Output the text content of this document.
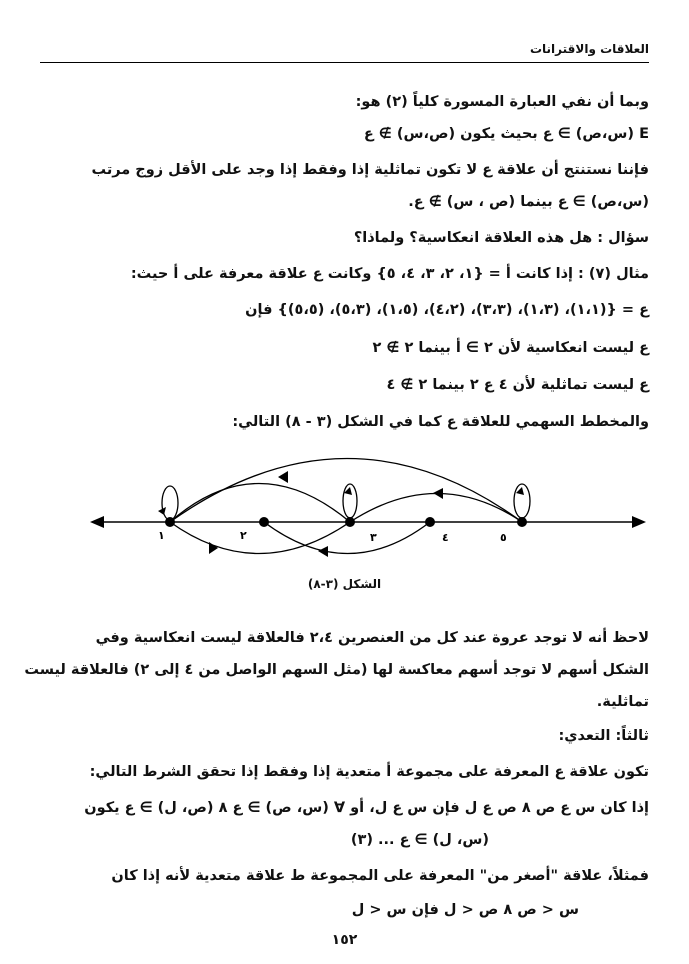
العلاقات والاقترانات
وبما أن نفي العبارة المسورة كلياً (٢) هو:
E (س،ص) ∋ ع بحيث يكون (ص،س) ∌ ع
فإننا نستنتج أن علاقة ع لا تكون تماثلية إذا وفقط إذا وجد على الأقل زوج مرتب
(س،ص) ∋ ع بينما (ص ، س) ∌ ع.
سؤال : هل هذه العلاقة انعكاسية؟ ولماذا؟
مثال (٧) : إذا كانت أ = {١، ٢، ٣، ٤، ٥} وكانت ع علاقة معرفة على أ حيث:
ع = {(١،١)، (١،٣)، (٣،٣)، (٤،٢)، (١،٥)، (٥،٣)، (٥،٥)} فإن
ع ليست انعكاسية لأن ٢ ∋ أ بينما ٢ ∌ ٢
ع ليست تماثلية لأن ٤ ع ٢ بينما ٢ ∌ ٤
والمخطط السهمي للعلاقة ع كما في الشكل (٣ - ٨) التالي:
١	٢	٣	٤	٥
الشكل (٣-٨)
لاحظ أنه لا توجد عروة عند كل من العنصرين ٢،٤ فالعلاقة ليست انعكاسية وفي
الشكل أسهم لا توجد أسهم معاكسة لها (مثل السهم الواصل من ٤ إلى ٢) فالعلاقة ليست
تماثلية.
ثالثاً: التعدي:
تكون علاقة ع المعرفة على مجموعة أ متعدية إذا وفقط إذا تحقق الشرط التالي:
إذا كان س ع ص ٨ ص ع ل فإن س ع ل، أو ∀ (س، ص) ∋ ع ٨ (ص، ل) ∋ ع يكون
(س، ل) ∋ ع ... (٣)
فمثلاً، علاقة "أصغر من" المعرفة على المجموعة ط علاقة متعدية لأنه إذا كان
س < ص ٨ ص < ل فإن س < ل
١٥٢
